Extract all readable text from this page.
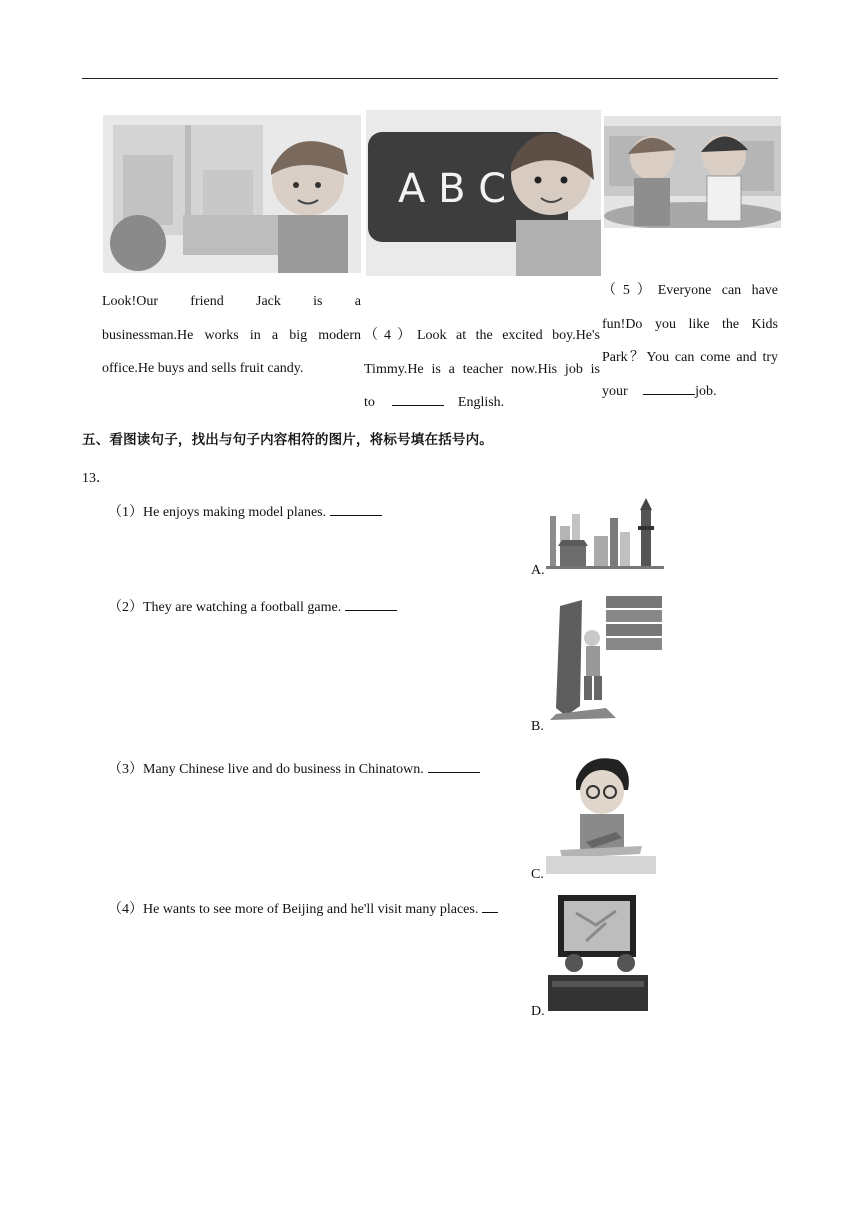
A B C
Look!Our friend Jack is a
businessman.He works in a big modern
office.He buys and sells fruit candy.
（4）Look at the excited boy.He's
Timmy.He is a teacher now.His job is
to	English.
（5）Everyone can have
fun!Do you like the Kids
Park？You can come and try
your	job.
五、看图读句子，找出与句子内容相符的图片，将标号填在括号内。
13．
（1）He enjoys making model planes.
（2）They are watching a football game.
（3）Many Chinese live and do business in Chinatown.
（4）He wants to see more of Beijing and he'll visit many places.
A.
B.
C.
D.
